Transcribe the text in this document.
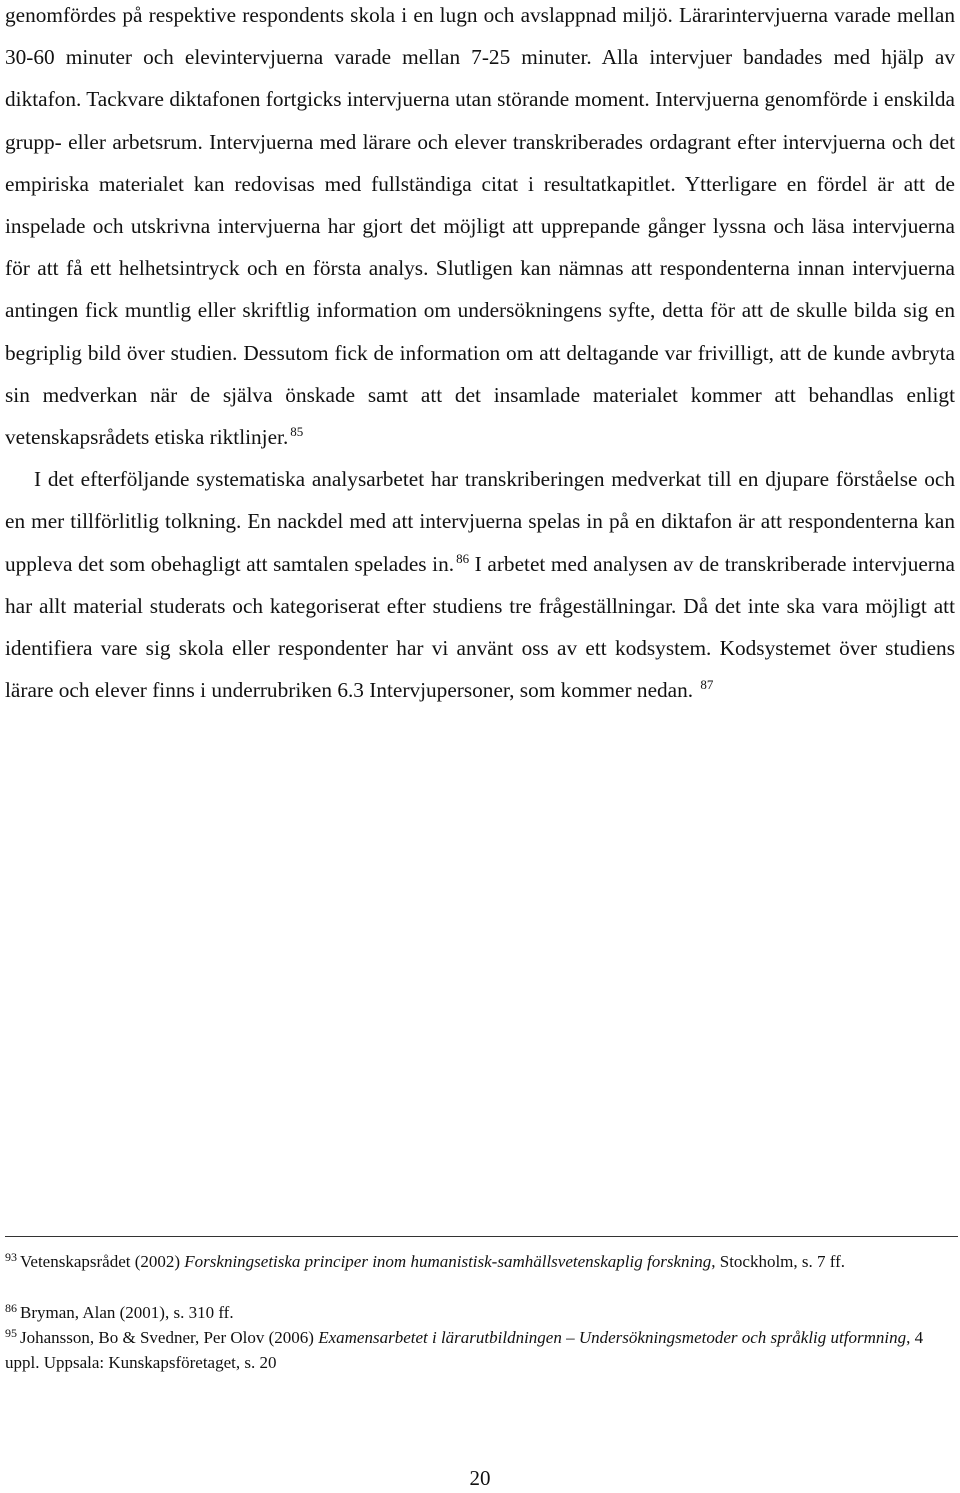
genomfördes på respektive respondents skola i en lugn och avslappnad miljö. Lärarintervjuerna varade mellan 30-60 minuter och elevintervjuerna varade mellan 7-25 minuter. Alla intervjuer bandades med hjälp av diktafon. Tackvare diktafonen fortgicks intervjuerna utan störande moment. Intervjuerna genomförde i enskilda grupp- eller arbetsrum. Intervjuerna med lärare och elever transkriberades ordagrant efter intervjuerna och det empiriska materialet kan redovisas med fullständiga citat i resultatkapitlet. Ytterligare en fördel är att de inspelade och utskrivna intervjuerna har gjort det möjligt att upprepande gånger lyssna och läsa intervjuerna för att få ett helhetsintryck och en första analys. Slutligen kan nämnas att respondenterna innan intervjuerna antingen fick muntlig eller skriftlig information om undersökningens syfte, detta för att de skulle bilda sig en begriplig bild över studien. Dessutom fick de information om att deltagande var frivilligt, att de kunde avbryta sin medverkan när de själva önskade samt att det insamlade materialet kommer att behandlas enligt vetenskapsrådets etiska riktlinjer. $^{85}$

I det efterföljande systematiska analysarbetet har transkriberingen medverkat till en djupare förståelse och en mer tillförlitlig tolkning. En nackdel med att intervjuerna spelas in på en diktafon är att respondenterna kan uppleva det som obehagligt att samtalen spelades in. $^{86}$ I arbetet med analysen av de transkriberade intervjuerna har allt material studerats och kategoriserat efter studiens tre frågeställningar. Då det inte ska vara möjligt att identifiera vare sig skola eller respondenter har vi använt oss av ett kodsystem. Kodsystemet över studiens lärare och elever finns i underrubriken 6.3 Intervjupersoner, som kommer nedan. $^{87}$

$^{93}$ Vetenskapsrådet (2002) Forskningsetiska principer inom humanistisk-samhällsvetenskaplig forskning, Stockholm, s. 7 ff.

$^{86}$ Bryman, Alan (2001), s. 310 ff.

$^{95}$ Johansson, Bo & Svedner, Per Olov (2006) Examensarbetet i lärarutbildningen – Undersökningsmetoder och språklig utformning, 4 uppl. Uppsala: Kunskapsföretaget, s. 20

20
